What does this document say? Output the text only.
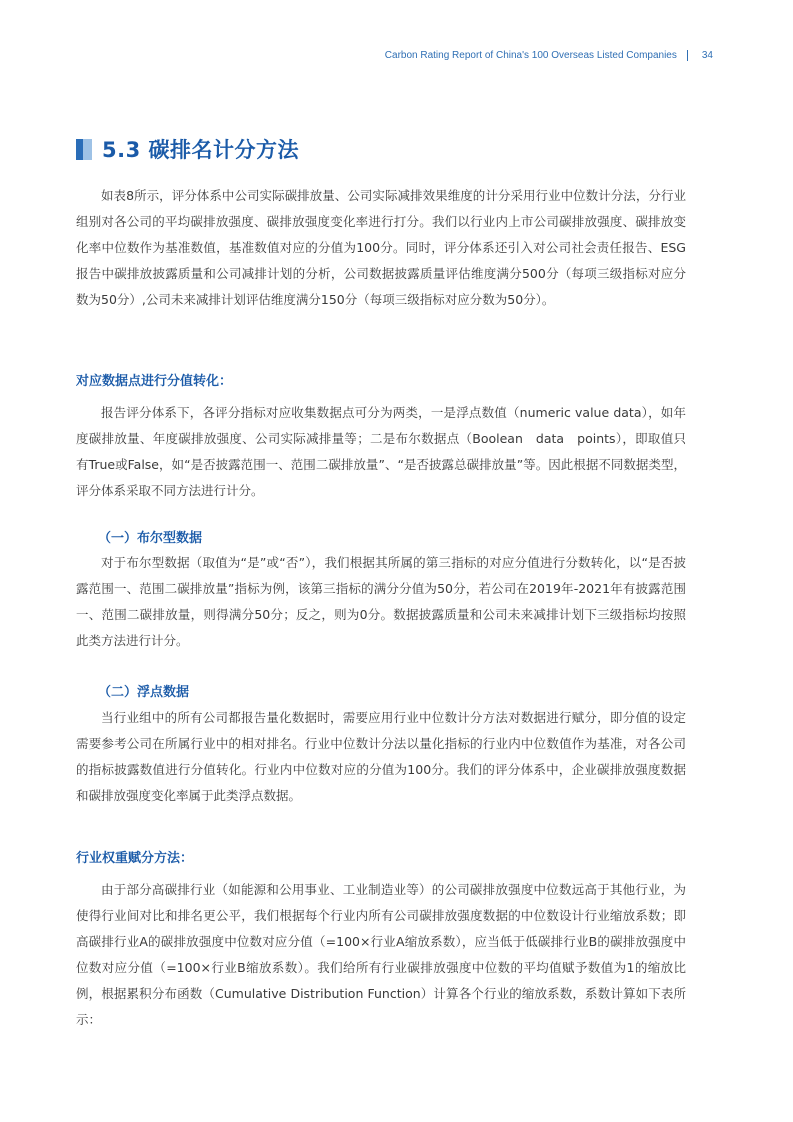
Carbon Rating Report of China's 100 Overseas Listed Companies	34
5.3 碳排名计分方法

如表8所示，评分体系中公司实际碳排放量、公司实际减排效果维度的计分采用行业中位数计分法，分行业组别对各公司的平均碳排放强度、碳排放强度变化率进行打分。我们以行业内上市公司碳排放强度、碳排放变化率中位数作为基准数值，基准数值对应的分值为100分。同时，评分体系还引入对公司社会责任报告、ESG报告中碳排放披露质量和公司减排计划的分析，公司数据披露质量评估维度满分500分（每项三级指标对应分数为50分）,公司未来减排计划评估维度满分150分（每项三级指标对应分数为50分）。

对应数据点进行分值转化：

报告评分体系下，各评分指标对应收集数据点可分为两类，一是浮点数值（numeric value data），如年度碳排放量、年度碳排放强度、公司实际减排量等；二是布尔数据点（Boolean　data　points），即取值只有True或False，如“是否披露范围一、范围二碳排放量”、“是否披露总碳排放量”等。因此根据不同数据类型，评分体系采取不同方法进行计分。

（一）布尔型数据

对于布尔型数据（取值为“是”或“否”），我们根据其所属的第三指标的对应分值进行分数转化，以“是否披露范围一、范围二碳排放量”指标为例，该第三指标的满分分值为50分，若公司在2019年-2021年有披露范围一、范围二碳排放量，则得满分50分；反之，则为0分。数据披露质量和公司未来减排计划下三级指标均按照此类方法进行计分。

（二）浮点数据

当行业组中的所有公司都报告量化数据时，需要应用行业中位数计分方法对数据进行赋分，即分值的设定需要参考公司在所属行业中的相对排名。行业中位数计分法以量化指标的行业内中位数值作为基准，对各公司的指标披露数值进行分值转化。行业内中位数对应的分值为100分。我们的评分体系中，企业碳排放强度数据和碳排放强度变化率属于此类浮点数据。

行业权重赋分方法：

由于部分高碳排行业（如能源和公用事业、工业制造业等）的公司碳排放强度中位数远高于其他行业，为使得行业间对比和排名更公平，我们根据每个行业内所有公司碳排放强度数据的中位数设计行业缩放系数；即高碳排行业A的碳排放强度中位数对应分值（=100×行业A缩放系数），应当低于低碳排行业B的碳排放强度中位数对应分值（=100×行业B缩放系数）。我们给所有行业碳排放强度中位数的平均值赋予数值为1的缩放比例，根据累积分布函数（Cumulative Distribution Function）计算各个行业的缩放系数，系数计算如下表所示：
